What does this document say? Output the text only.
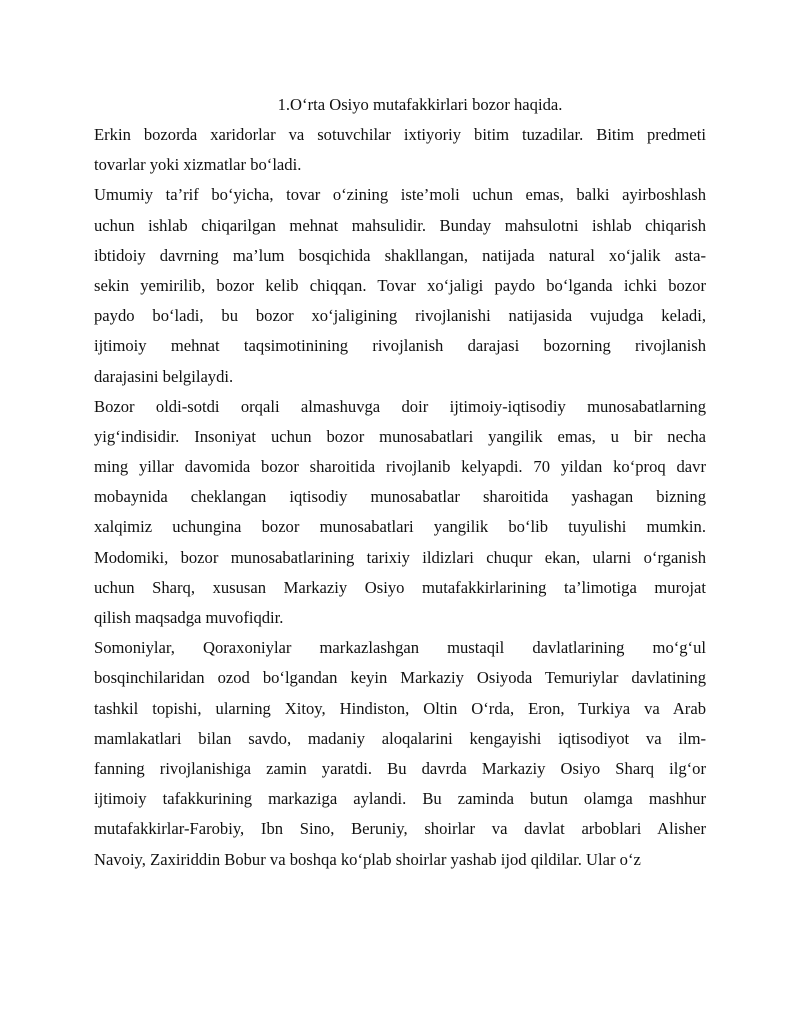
1.O‘rta Osiyo mutafakkirlari bozor haqida.

Erkin bozorda xaridorlar va sotuvchilar ixtiyoriy bitim tuzadilar. Bitim predmeti
tovarlar yoki xizmatlar bo‘ladi.
Umumiy ta’rif bo‘yicha, tovar o‘zining iste’moli uchun emas, balki ayirboshlash
uchun ishlab chiqarilgan mehnat mahsulidir. Bunday mahsulotni ishlab chiqarish
ibtidoiy davrning ma’lum bosqichida shakllangan, natijada natural xo‘jalik asta-
sekin yemirilib, bozor kelib chiqqan. Tovar xo‘jaligi paydo bo‘lganda ichki bozor
paydo bo‘ladi, bu bozor xo‘jaligining rivojlanishi natijasida vujudga keladi,
ijtimoiy mehnat taqsimotinining rivojlanish darajasi bozorning rivojlanish
darajasini belgilaydi.
Bozor oldi-sotdi orqali almashuvga doir ijtimoiy-iqtisodiy munosabatlarning
yig‘indisidir. Insoniyat uchun bozor munosabatlari yangilik emas, u bir necha
ming yillar davomida bozor sharoitida rivojlanib kelyapdi. 70 yildan ko‘proq davr
mobaynida cheklangan iqtisodiy munosabatlar sharoitida yashagan bizning
xalqimiz uchungina bozor munosabatlari yangilik bo‘lib tuyulishi mumkin.
Modomiki, bozor munosabatlarining tarixiy ildizlari chuqur ekan, ularni o‘rganish
uchun Sharq, xususan Markaziy Osiyo mutafakkirlarining ta’limotiga murojat
qilish maqsadga muvofiqdir.
Somoniylar, Qoraxoniylar markazlashgan mustaqil davlatlarining mo‘g‘ul
bosqinchilaridan ozod bo‘lgandan keyin Markaziy Osiyoda Temuriylar davlatining
tashkil topishi, ularning Xitoy, Hindiston, Oltin O‘rda, Eron, Turkiya va Arab
mamlakatlari bilan savdo, madaniy aloqalarini kengayishi iqtisodiyot va ilm-
fanning rivojlanishiga zamin yaratdi. Bu davrda Markaziy Osiyo Sharq ilg‘or
ijtimoiy tafakkurining markaziga aylandi. Bu zaminda butun olamga mashhur
mutafakkirlar-Farobiy, Ibn Sino, Beruniy, shoirlar va davlat arboblari Alisher
Navoiy, Zaxiriddin Bobur va boshqa ko‘plab shoirlar yashab ijod qildilar. Ular o‘z
